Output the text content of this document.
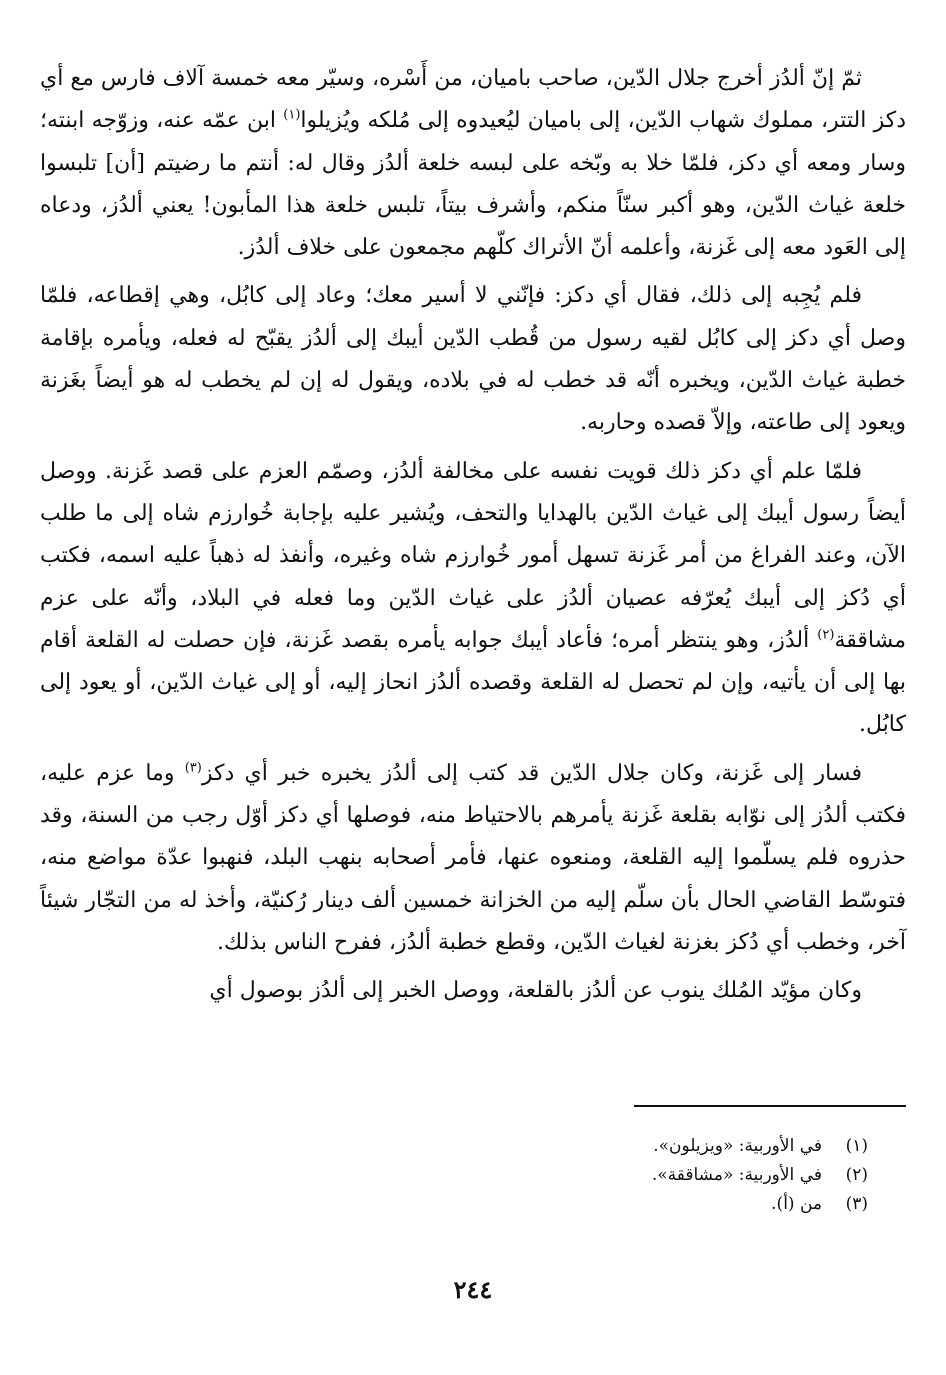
ثمّ إنّ ألدُز أخرج جلال الدّين، صاحب باميان، من أَسْره، وسيّر معه خمسة آلاف فارس مع أي دكز التتر، مملوك شهاب الدّين، إلى باميان ليُعيدوه إلى مُلكه ويُزيلوا$^{(١)}$ ابن عمّه عنه، وزوّجه ابنته؛ وسار ومعه أي دكز، فلمّا خلا به وبّخه على لبسه خلعة ألدُز وقال له: أنتم ما رضيتم [أن] تلبسوا خلعة غياث الدّين، وهو أكبر سنّاً منكم، وأشرف بيتاً، تلبس خلعة هذا المأبون! يعني ألدُز، ودعاه إلى العَود معه إلى غَزنة، وأعلمه أنّ الأتراك كلّهم مجمعون على خلاف ألدُز.

فلم يُجِبه إلى ذلك، فقال أي دكز: فإنّني لا أسير معك؛ وعاد إلى كابُل، وهي إقطاعه، فلمّا وصل أي دكز إلى كابُل لقيه رسول من قُطب الدّين أيبك إلى ألدُز يقبّح له فعله، ويأمره بإقامة خطبة غياث الدّين، ويخبره أنّه قد خطب له في بلاده، ويقول له إن لم يخطب له هو أيضاً بغَزنة ويعود إلى طاعته، وإلاّ قصده وحاربه.

فلمّا علم أي دكز ذلك قويت نفسه على مخالفة ألدُز، وصمّم العزم على قصد غَزنة. ووصل أيضاً رسول أيبك إلى غياث الدّين بالهدايا والتحف، ويُشير عليه بإجابة خُوارزم شاه إلى ما طلب الآن، وعند الفراغ من أمر غَزنة تسهل أمور خُوارزم شاه وغيره، وأنفذ له ذهباً عليه اسمه، فكتب أي دُكز إلى أيبك يُعرّفه عصيان ألدُز على غياث الدّين وما فعله في البلاد، وأنّه على عزم مشاققة$^{(٢)}$ ألدُز، وهو ينتظر أمره؛ فأعاد أيبك جوابه يأمره بقصد غَزنة، فإن حصلت له القلعة أقام بها إلى أن يأتيه، وإن لم تحصل له القلعة وقصده ألدُز انحاز إليه، أو إلى غياث الدّين، أو يعود إلى كابُل.

فسار إلى غَزنة، وكان جلال الدّين قد كتب إلى ألدُز يخبره خبر أي دكز$^{(٣)}$ وما عزم عليه، فكتب ألدُز إلى نوّابه بقلعة غَزنة يأمرهم بالاحتياط منه، فوصلها أي دكز أوّل رجب من السنة، وقد حذروه فلم يسلّموا إليه القلعة، ومنعوه عنها، فأمر أصحابه بنهب البلد، فنهبوا عدّة مواضع منه، فتوسّط القاضي الحال بأن سلّم إليه من الخزانة خمسين ألف دينار رُكنيّة، وأخذ له من التجّار شيئاً آخر، وخطب أي دُكز بغزنة لغياث الدّين، وقطع خطبة ألدُز، ففرح الناس بذلك.

وكان مؤيّد المُلك ينوب عن ألدُز بالقلعة، ووصل الخبر إلى ألدُز بوصول أي

(١)
في الأوربية: «ويزيلون».
(٢)
في الأوربية: «مشاققة».
(٣)
من (أ).
٢٤٤
